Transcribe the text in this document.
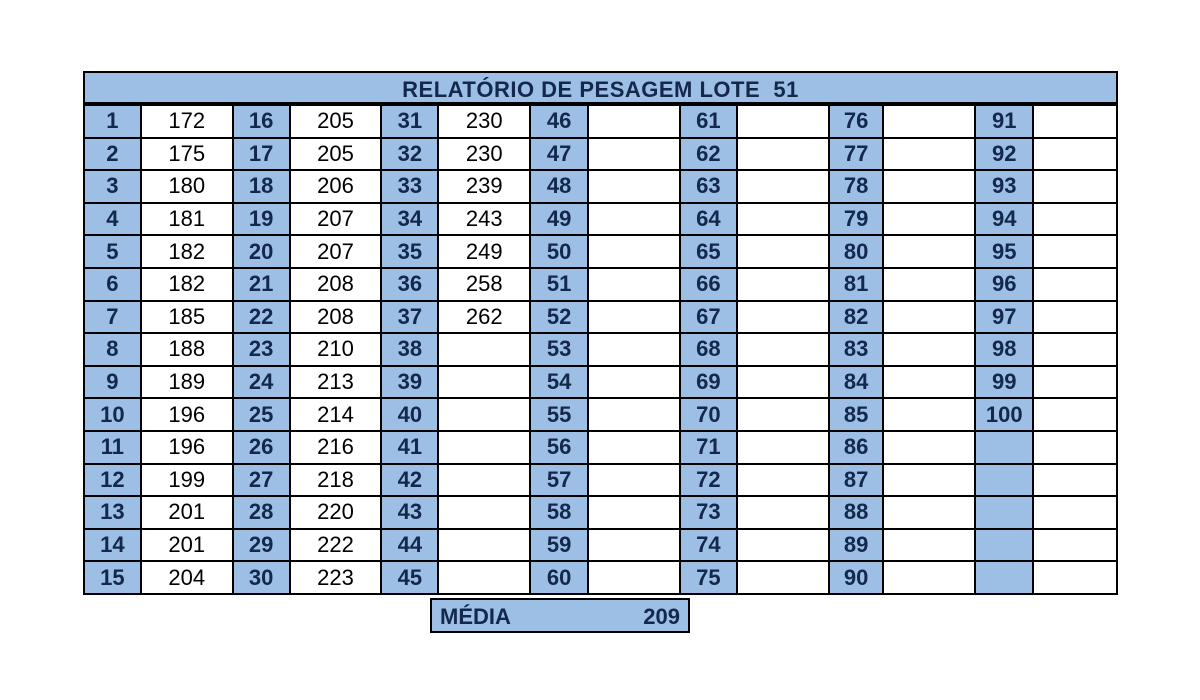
RELATÓRIO DE PESAGEM LOTE  51
1	172	16	205	31	230	46		61		76		91	
2	175	17	205	32	230	47		62		77		92	
3	180	18	206	33	239	48		63		78		93	
4	181	19	207	34	243	49		64		79		94	
5	182	20	207	35	249	50		65		80		95	
6	182	21	208	36	258	51		66		81		96	
7	185	22	208	37	262	52		67		82		97	
8	188	23	210	38		53		68		83		98	
9	189	24	213	39		54		69		84		99	
10	196	25	214	40		55		70		85		100	
11	196	26	216	41		56		71		86			
12	199	27	218	42		57		72		87			
13	201	28	220	43		58		73		88			
14	201	29	222	44		59		74		89			
15	204	30	223	45		60		75		90			
MÉDIA	209
